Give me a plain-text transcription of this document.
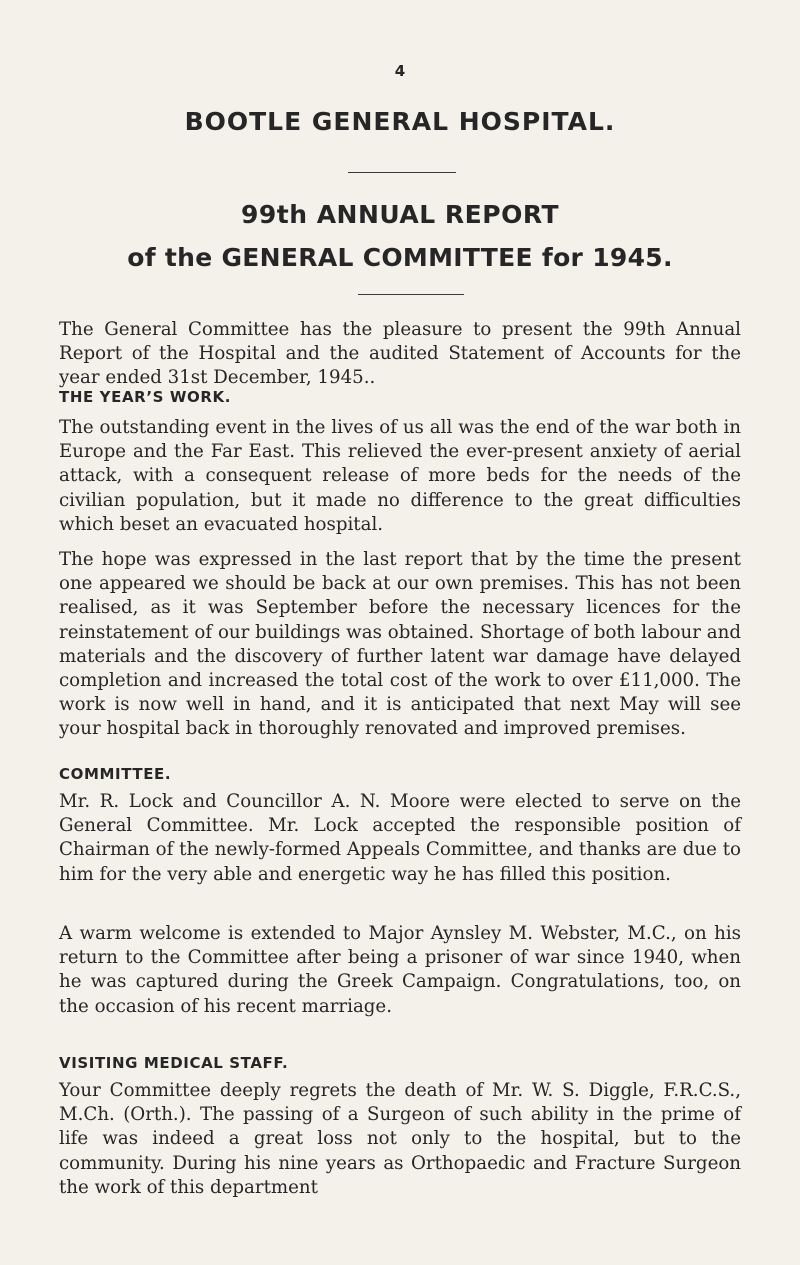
4
BOOTLE GENERAL HOSPITAL.
99th ANNUAL REPORT
of the GENERAL COMMITTEE for 1945.

The General Committee has the pleasure to present the 99th Annual Report of the Hospital and the audited Statement of Accounts for the year ended 31st December, 1945..

THE YEAR’S WORK.

The outstanding event in the lives of us all was the end of the war both in Europe and the Far East. This relieved the ever-present anxiety of aerial attack, with a consequent release of more beds for the needs of the civilian population, but it made no difference to the great difficulties which beset an evacuated hospital.

The hope was expressed in the last report that by the time the present one appeared we should be back at our own premises. This has not been realised, as it was September before the necessary licences for the reinstatement of our buildings was obtained. Shortage of both labour and materials and the discovery of further latent war damage have delayed completion and increased the total cost of the work to over £11,000. The work is now well in hand, and it is anticipated that next May will see your hospital back in thoroughly renovated and improved premises.

COMMITTEE.

Mr. R. Lock and Councillor A. N. Moore were elected to serve on the General Committee. Mr. Lock accepted the responsible position of Chairman of the newly-formed Appeals Committee, and thanks are due to him for the very able and energetic way he has filled this position.

A warm welcome is extended to Major Aynsley M. Webster, M.C., on his return to the Committee after being a prisoner of war since 1940, when he was captured during the Greek Campaign. Congratulations, too, on the occasion of his recent marriage.

VISITING MEDICAL STAFF.

Your Committee deeply regrets the death of Mr. W. S. Diggle, F.R.C.S., M.Ch. (Orth.). The passing of a Surgeon of such ability in the prime of life was indeed a great loss not only to the hospital, but to the community. During his nine years as Orthopaedic and Fracture Surgeon the work of this department
